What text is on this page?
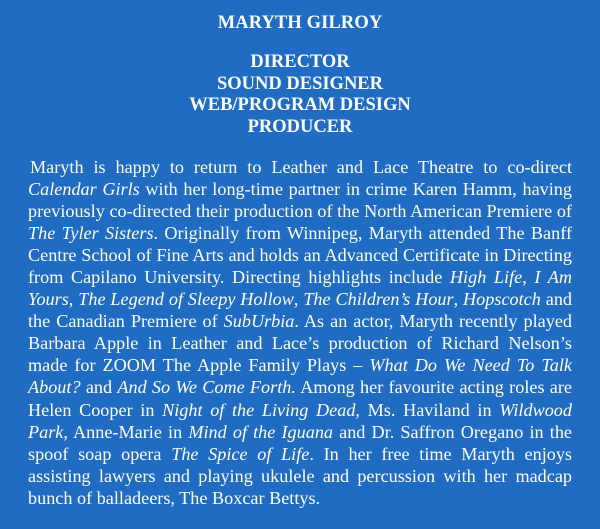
MARYTH GILROY
DIRECTOR
SOUND DESIGNER
WEB/PROGRAM DESIGN
PRODUCER

Maryth is happy to return to Leather and Lace Theatre to co-direct Calendar Girls with her long-time partner in crime Karen Hamm, having previously co-directed their production of the North American Premiere of The Tyler Sisters. Originally from Winnipeg, Maryth attended The Banff Centre School of Fine Arts and holds an Advanced Certificate in Directing from Capilano University. Directing highlights include High Life, I Am Yours, The Legend of Sleepy Hollow, The Children’s Hour, Hopscotch and the Canadian Premiere of SubUrbia. As an actor, Maryth recently played Barbara Apple in Leather and Lace’s production of Richard Nelson’s made for ZOOM The Apple Family Plays – What Do We Need To Talk About? and And So We Come Forth. Among her favourite acting roles are Helen Cooper in Night of the Living Dead, Ms. Haviland in Wildwood Park, Anne-Marie in Mind of the Iguana and Dr. Saffron Oregano in the spoof soap opera The Spice of Life. In her free time Maryth enjoys assisting lawyers and playing ukulele and percussion with her madcap bunch of balladeers, The Boxcar Bettys.
